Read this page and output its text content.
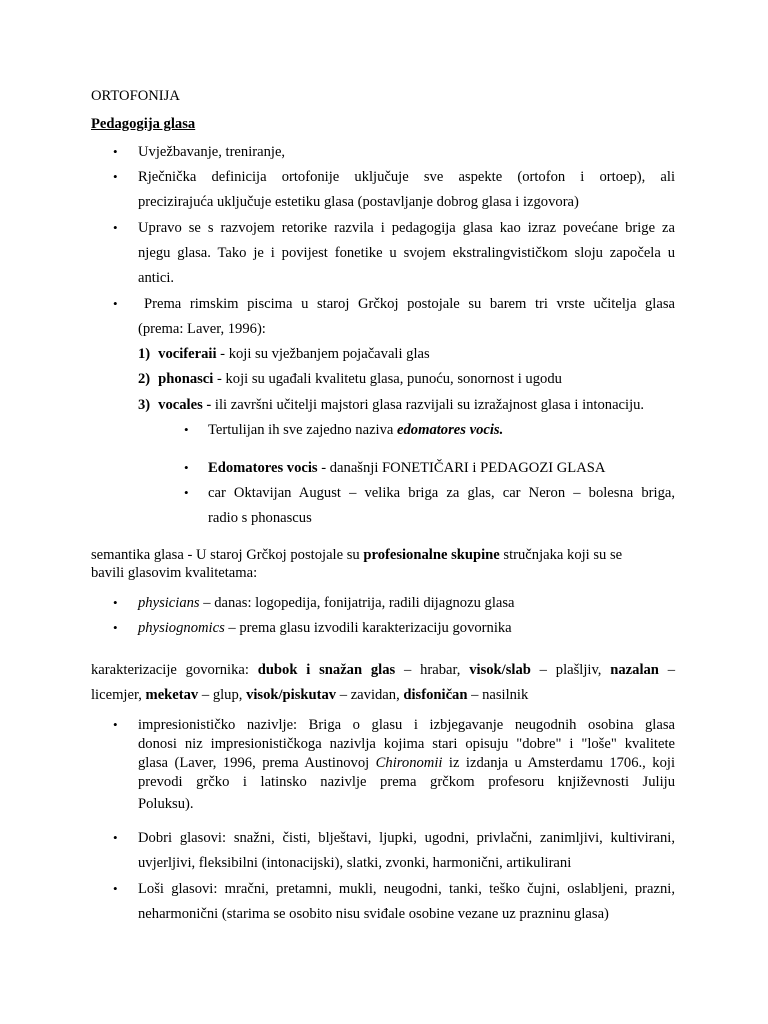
ORTOFONIJA
Pedagogija glasa
• Uvježbavanje, treniranje,
• Rječnička definicija ortofonije uključuje sve aspekte (ortofon i ortoep), ali
precizirajuća uključuje estetiku glasa (postavljanje dobrog glasa i izgovora)
• Upravo se s razvojem retorike razvila i pedagogija glasa kao izraz povećane brige za
njegu glasa. Tako je i povijest fonetike u svojem ekstralingvističkom sloju započela u
antici.
• Prema rimskim piscima u staroj Grčkoj postojale su barem tri vrste učitelja glasa
(prema: Laver, 1996):
1) vociferaii - koji su vježbanjem pojačavali glas
2) phonasci - koji su ugađali kvalitetu glasa, punoću, sonornost i ugodu
3) vocales - ili završni učitelji majstori glasa razvijali su izražajnost glasa i intonaciju.
• Tertulijan ih sve zajedno naziva edomatores vocis.
• Edomatores vocis - današnji FONETIČARI i PEDAGOZI GLASA
• car Oktavijan August – velika briga za glas, car Neron – bolesna briga,
radio s phonascus
semantika glasa - U staroj Grčkoj postojale su profesionalne skupine stručnjaka koji su se
bavili glasovim kvalitetama:
• physicians – danas: logopedija, fonijatrija, radili dijagnozu glasa
• physiognomics – prema glasu izvodili karakterizaciju govornika
karakterizacije govornika: dubok i snažan glas – hrabar, visok/slab – plašljiv, nazalan –
licemjer, meketav – glup, visok/piskutav – zavidan, disfoničan – nasilnik
• impresionističko nazivlje: Briga o glasu i izbjegavanje neugodnih osobina glasa
donosi niz impresionističkoga nazivlja kojima stari opisuju "dobre" i "loše" kvalitete
glasa (Laver, 1996, prema Austinovoj Chironomii iz izdanja u Amsterdamu 1706., koji
prevodi grčko i latinsko nazivlje prema grčkom profesoru književnosti Juliju
Poluksu).
• Dobri glasovi: snažni, čisti, blještavi, ljupki, ugodni, privlačni, zanimljivi, kultivirani,
uvjerljivi, fleksibilni (intonacijski), slatki, zvonki, harmonični, artikulirani
• Loši glasovi: mračni, pretamni, mukli, neugodni, tanki, teško čujni, oslabljeni, prazni,
neharmonični (starima se osobito nisu sviđale osobine vezane uz prazninu glasa)
